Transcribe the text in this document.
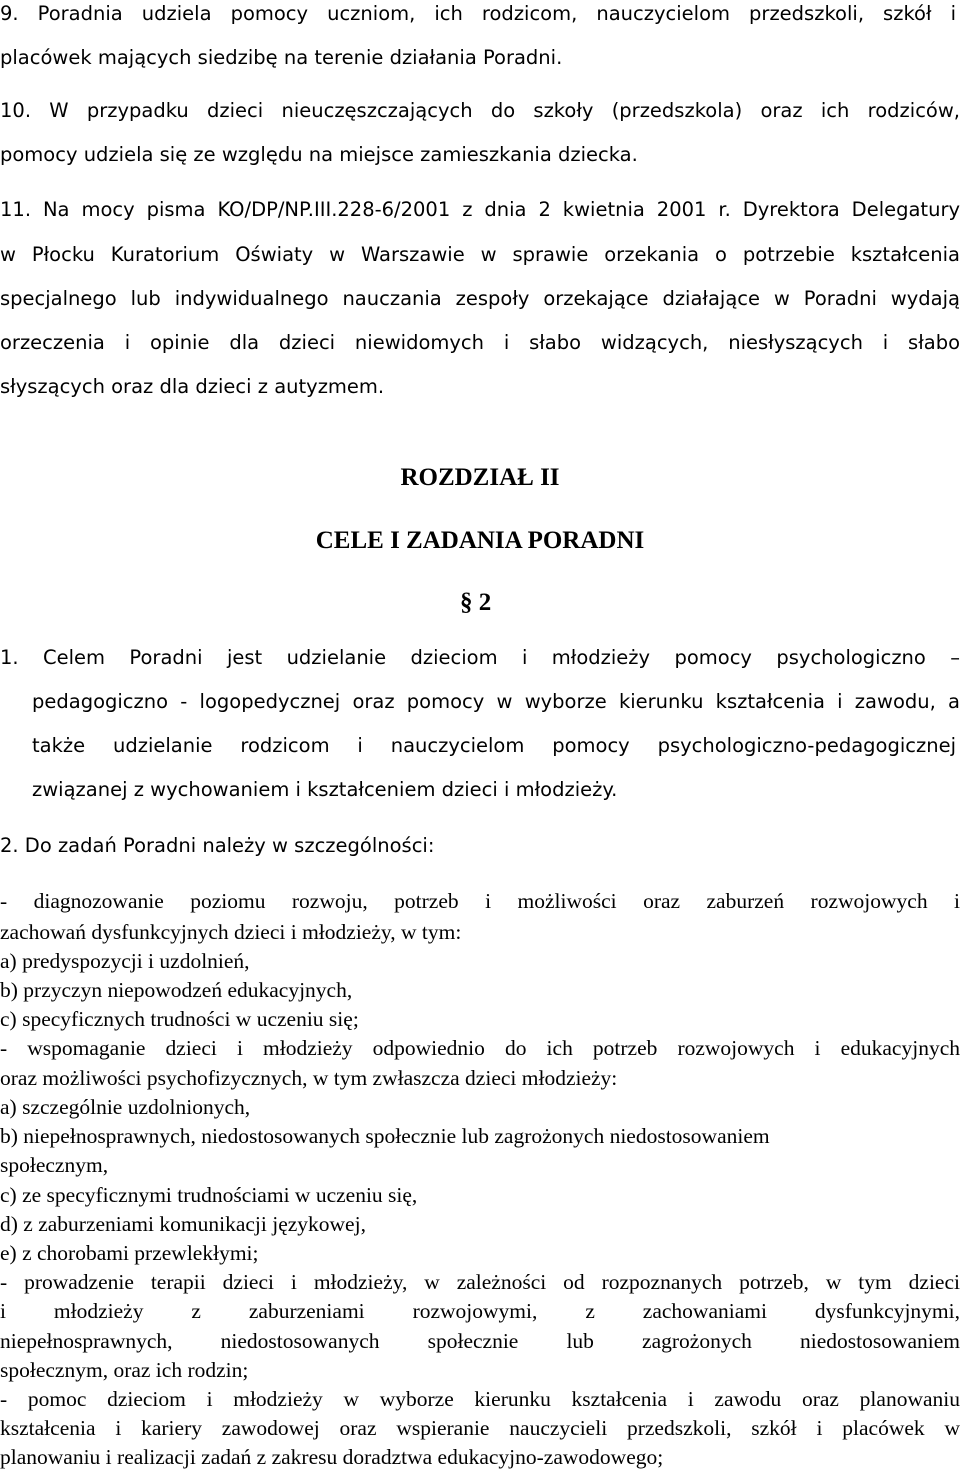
9. Poradnia udziela pomocy uczniom, ich rodzicom, nauczycielom przedszkoli, szkół i
placówek mających siedzibę na terenie działania Poradni.
10. W przypadku dzieci nieuczęszczających do szkoły (przedszkola) oraz ich rodziców,
pomocy udziela się ze względu na miejsce zamieszkania dziecka.
11. Na mocy pisma KO/DP/NP.III.228-6/2001 z dnia 2 kwietnia 2001 r. Dyrektora Delegatury
w Płocku Kuratorium Oświaty w Warszawie w sprawie orzekania o potrzebie kształcenia
specjalnego lub indywidualnego nauczania zespoły orzekające działające w Poradni wydają
orzeczenia i opinie dla dzieci niewidomych i słabo widzących, niesłyszących i słabo
słyszących oraz dla dzieci z autyzmem.
ROZDZIAŁ II
CELE I ZADANIA PORADNI
§ 2
1. Celem Poradni jest udzielanie dzieciom i młodzieży pomocy psychologiczno –
pedagogiczno - logopedycznej oraz pomocy w wyborze kierunku kształcenia i zawodu, a
także udzielanie rodzicom i nauczycielom pomocy psychologiczno-pedagogicznej
związanej z wychowaniem i kształceniem dzieci i młodzieży.
2. Do zadań Poradni należy w szczególności:
- diagnozowanie poziomu rozwoju, potrzeb i możliwości oraz zaburzeń rozwojowych i
zachowań dysfunkcyjnych dzieci i młodzieży, w tym:
a) predyspozycji i uzdolnień,
b) przyczyn niepowodzeń edukacyjnych,
c) specyficznych trudności w uczeniu się;
- wspomaganie dzieci i młodzieży odpowiednio do ich potrzeb rozwojowych i edukacyjnych
oraz możliwości psychofizycznych, w tym zwłaszcza dzieci młodzieży:
a) szczególnie uzdolnionych,
b) niepełnosprawnych, niedostosowanych społecznie lub zagrożonych niedostosowaniem
społecznym,
c) ze specyficznymi trudnościami w uczeniu się,
d) z zaburzeniami komunikacji językowej,
e) z chorobami przewlekłymi;
- prowadzenie terapii dzieci i młodzieży, w zależności od rozpoznanych potrzeb, w tym dzieci
i młodzieży z zaburzeniami rozwojowymi, z zachowaniami dysfunkcyjnymi,
niepełnosprawnych, niedostosowanych społecznie lub zagrożonych niedostosowaniem
społecznym, oraz ich rodzin;
- pomoc dzieciom i młodzieży w wyborze kierunku kształcenia i zawodu oraz planowaniu
kształcenia i kariery zawodowej oraz wspieranie nauczycieli przedszkoli, szkół i placówek w
planowaniu i realizacji zadań z zakresu doradztwa edukacyjno-zawodowego;
